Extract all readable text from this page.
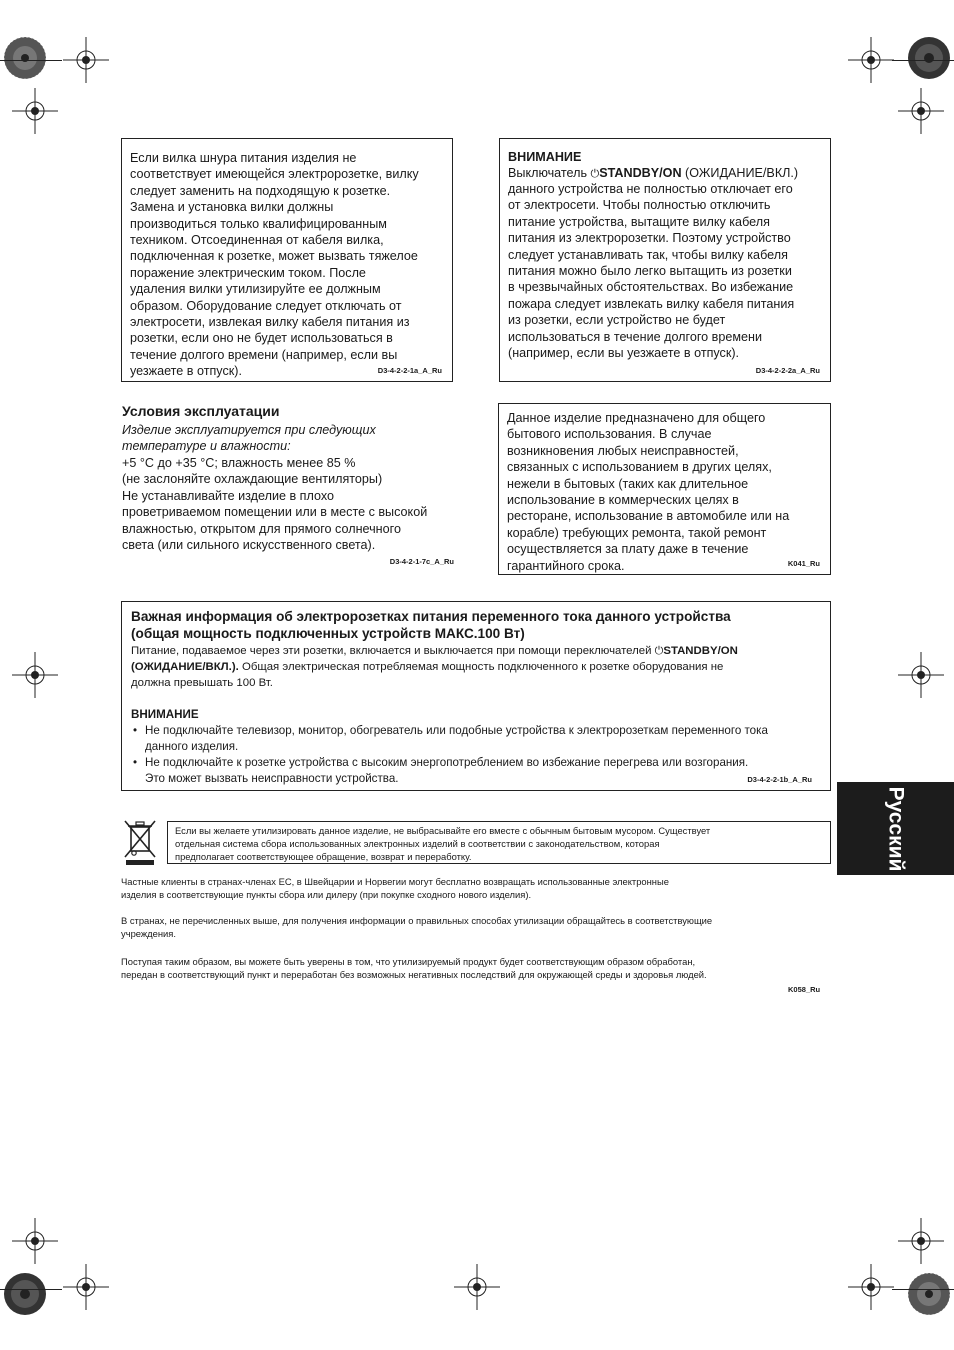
Если вилка шнура питания изделия не
соответствует имеющейся электророзетке, вилку
следует заменить на подходящую к розетке.
Замена и установка вилки должны
производиться только квалифицированным
техником. Отсоединенная от кабеля вилка,
подключенная к розетке, может вызвать тяжелое
поражение электрическим током. После
удаления вилки утилизируйте ее должным
образом. Оборудование следует отключать от
электросети, извлекая вилку кабеля питания из
розетки, если оно не будет использоваться в
течение долгого времени (например, если вы
уезжаете в отпуск).	D3-4-2-2-1a_A_Ru
ВНИМАНИЕ
Выключатель ⏻STANDBY/ON (ОЖИДАНИЕ/ВКЛ.)
данного устройства не полностью отключает его
от электросети. Чтобы полностью отключить
питание устройства, вытащите вилку кабеля
питания из электророзетки. Поэтому устройство
следует устанавливать так, чтобы вилку кабеля
питания можно было легко вытащить из розетки
в чрезвычайных обстоятельствах. Во избежание
пожара следует извлекать вилку кабеля питания
из розетки, если устройство не будет
использоваться в течение долгого времени
(например, если вы уезжаете в отпуск).
D3-4-2-2-2a_A_Ru
Условия эксплуатации
Изделие эксплуатируется при следующих
температуре и влажности:
+5 °C до +35 °C; влажность менее 85 %
(не заслоняйте охлаждающие вентиляторы)
Не устанавливайте изделие в плохо
проветриваемом помещении или в месте с высокой
влажностью, открытом для прямого солнечного
света (или сильного искусственного света).
D3-4-2-1-7c_A_Ru
Данное изделие предназначено для общего
бытового использования. В случае
возникновения любых неисправностей,
связанных с использованием в других целях,
нежели в бытовых (таких как длительное
использование в коммерческих целях в
ресторане, использование в автомобиле или на
корабле) требующих ремонта, такой ремонт
осуществляется за плату даже в течение
гарантийного срока.	K041_Ru
Важная информация об электророзетках питания переменного тока данного устройства
(общая мощность подключенных устройств МАКС.100 Вт)
Питание, подаваемое через эти розетки, включается и выключается при помощи переключателей ⏻STANDBY/ON
(ОЖИДАНИЕ/ВКЛ.). Общая электрическая потребляемая мощность подключенного к розетке оборудования не
должна превышать 100 Вт.
ВНИМАНИЕ
• Не подключайте телевизор, монитор, обогреватель или подобные устройства к электророзеткам переменного тока
данного изделия.
• Не подключайте к розетке устройства с высоким энергопотреблением во избежание перегрева или возгорания.
Это может вызвать неисправности устройства.	D3-4-2-2-1b_A_Ru
Русский
Если вы желаете утилизировать данное изделие, не выбрасывайте его вместе с обычным бытовым мусором. Существует
отдельная система сбора использованных электронных изделий в соответствии с законодательством, которая
предполагает соответствующее обращение, возврат и переработку.
Частные клиенты в странах-членах ЕС, в Швейцарии и Норвегии могут бесплатно возвращать использованные электронные
изделия в соответствующие пункты сбора или дилеру (при покупке сходного нового изделия).
В странах, не перечисленных выше, для получения информации о правильных способах утилизации обращайтесь в соответствующие
учреждения.
Поступая таким образом, вы можете быть уверены в том, что утилизируемый продукт будет соответствующим образом обработан,
передан в соответствующий пункт и переработан без возможных негативных последствий для окружающей среды и здоровья людей.
K058_Ru
